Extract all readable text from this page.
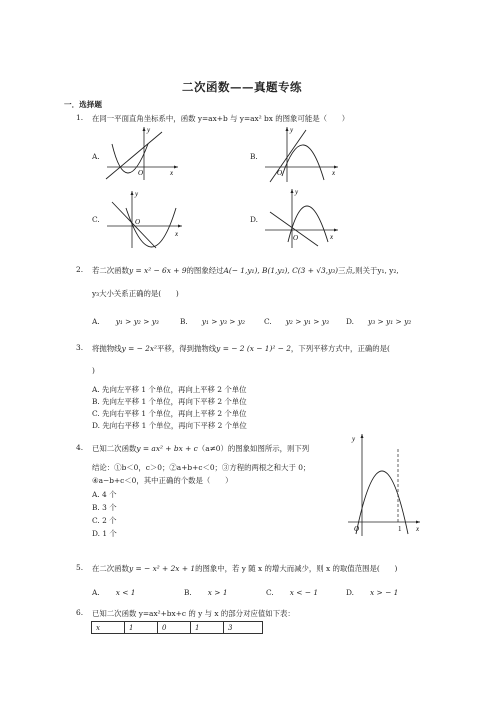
二次函数——真题专练
一．选择题
1. 在同一平面直角坐标系中，函数 y=ax+b 与 y=ax² bx 的图象可能是（　　）
A.	B.
C.	D.
y
x
O
y
x
O
y
x
O
y
x
O
2. 若二次函数y = x² − 6x + 9的图象经过A(− 1,y₁), B(1,y₂), C(3 + √3,y₃)三点,则关于y₁, y₂,
y₃大小关系正确的是(　　)
A. y₁ > y₂ > y₃	B. y₁ > y₃ > y₂	C. y₂ > y₁ > y₃ D. y₃ > y₁ > y₂
3. 将抛物线y = − 2x²平移，得到抛物线y = − 2 (x − 1)² − 2，下列平移方式中，正确的是(
)
A. 先向左平移 1 个单位，再向上平移 2 个单位
B. 先向左平移 1 个单位，再向下平移 2 个单位
C. 先向右平移 1 个单位，再向上平移 2 个单位
D. 先向右平移 1 个单位，再向下平移 2 个单位
4. 已知二次函数y = ax² + bx + c（a≠0）的图象如图所示，则下列
结论：①b＜0，c＞0；②a+b+c＜0；③方程的两根之和大于 0；
④a−b+c＜0，其中正确的个数是（　　）
A. 4 个
B. 3 个
C. 2 个
D. 1 个
y
x
O	1
5. 在二次函数y = − x² + 2x + 1的图象中，若 y 随 x 的增大而减少，则 x 的取值范围是(　　)
A. x < 1	B. x > 1	C. x < − 1	D. x > − 1
6. 已知二次函数 y=ax²+bx+c 的 y 与 x 的部分对应值如下表：
x	1	0	1	3
